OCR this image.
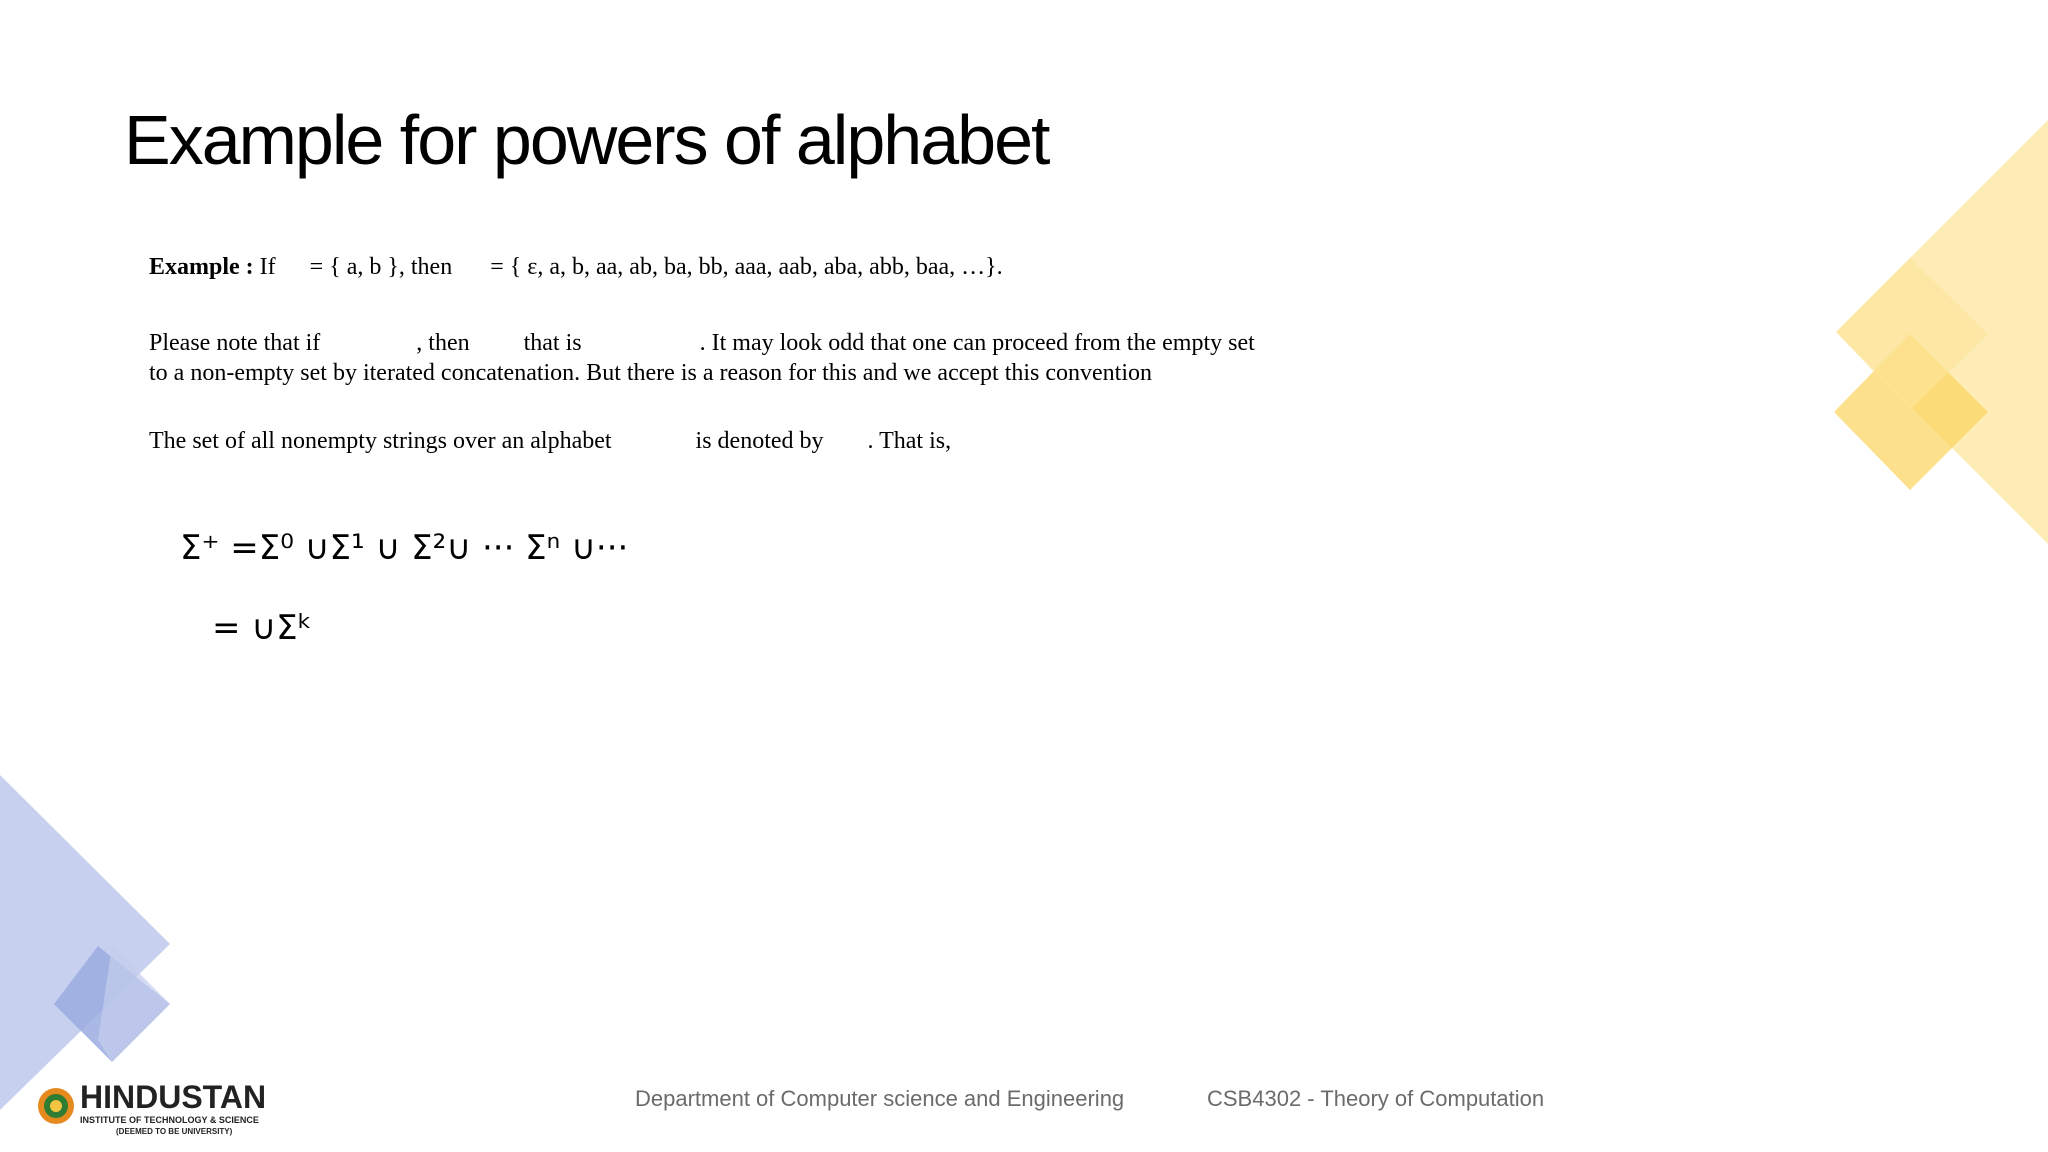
Example for powers of alphabet
Example : If = { a, b }, then = { ε, a, b, aa, ab, ba, bb, aaa, aab, aba, abb, baa, …}.
Please note that if	, then that is	. It may look odd that one can proceed from the empty set
to a non-empty set by iterated concatenation. But there is a reason for this and we accept this convention
The set of all nonempty strings over an alphabet	is denoted by . That is,
Σ⁺ =Σ⁰ ∪Σ¹ ∪ Σ²∪ ··· Σⁿ ∪···
= ∪Σᵏ
Department of Computer science and Engineering	CSB4302 - Theory of Computation
HINDUSTAN
INSTITUTE OF TECHNOLOGY & SCIENCE
(DEEMED TO BE UNIVERSITY)
